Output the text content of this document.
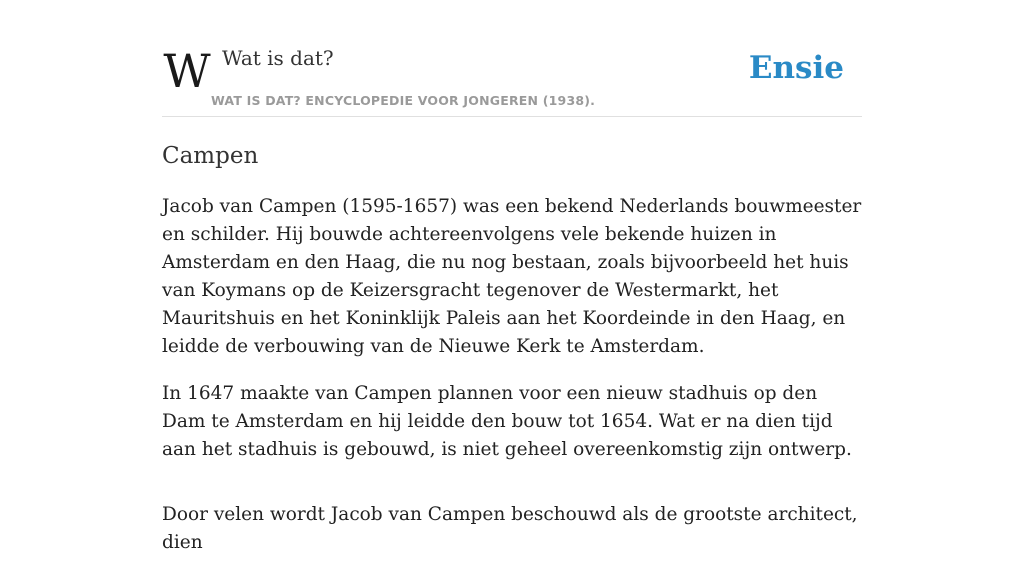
W Wat is dat?
WAT IS DAT? ENCYCLOPEDIE VOOR JONGEREN (1938).
Ensie
Campen

Jacob van Campen (1595-1657) was een bekend Nederlands bouwmeester en schilder. Hij bouwde achtereenvolgens vele bekende huizen in Amsterdam en den Haag, die nu nog bestaan, zoals bijvoorbeeld het huis van Koymans op de Keizersgracht tegenover de Westermarkt, het Mauritshuis en het Koninklijk Paleis aan het Koordeinde in den Haag, en leidde de verbouwing van de Nieuwe Kerk te Amsterdam.

In 1647 maakte van Campen plannen voor een nieuw stadhuis op den Dam te Amsterdam en hij leidde den bouw tot 1654. Wat er na dien tijd aan het stadhuis is gebouwd, is niet geheel overeenkomstig zijn ontwerp.

Door velen wordt Jacob van Campen beschouwd als de grootste architect, dien
